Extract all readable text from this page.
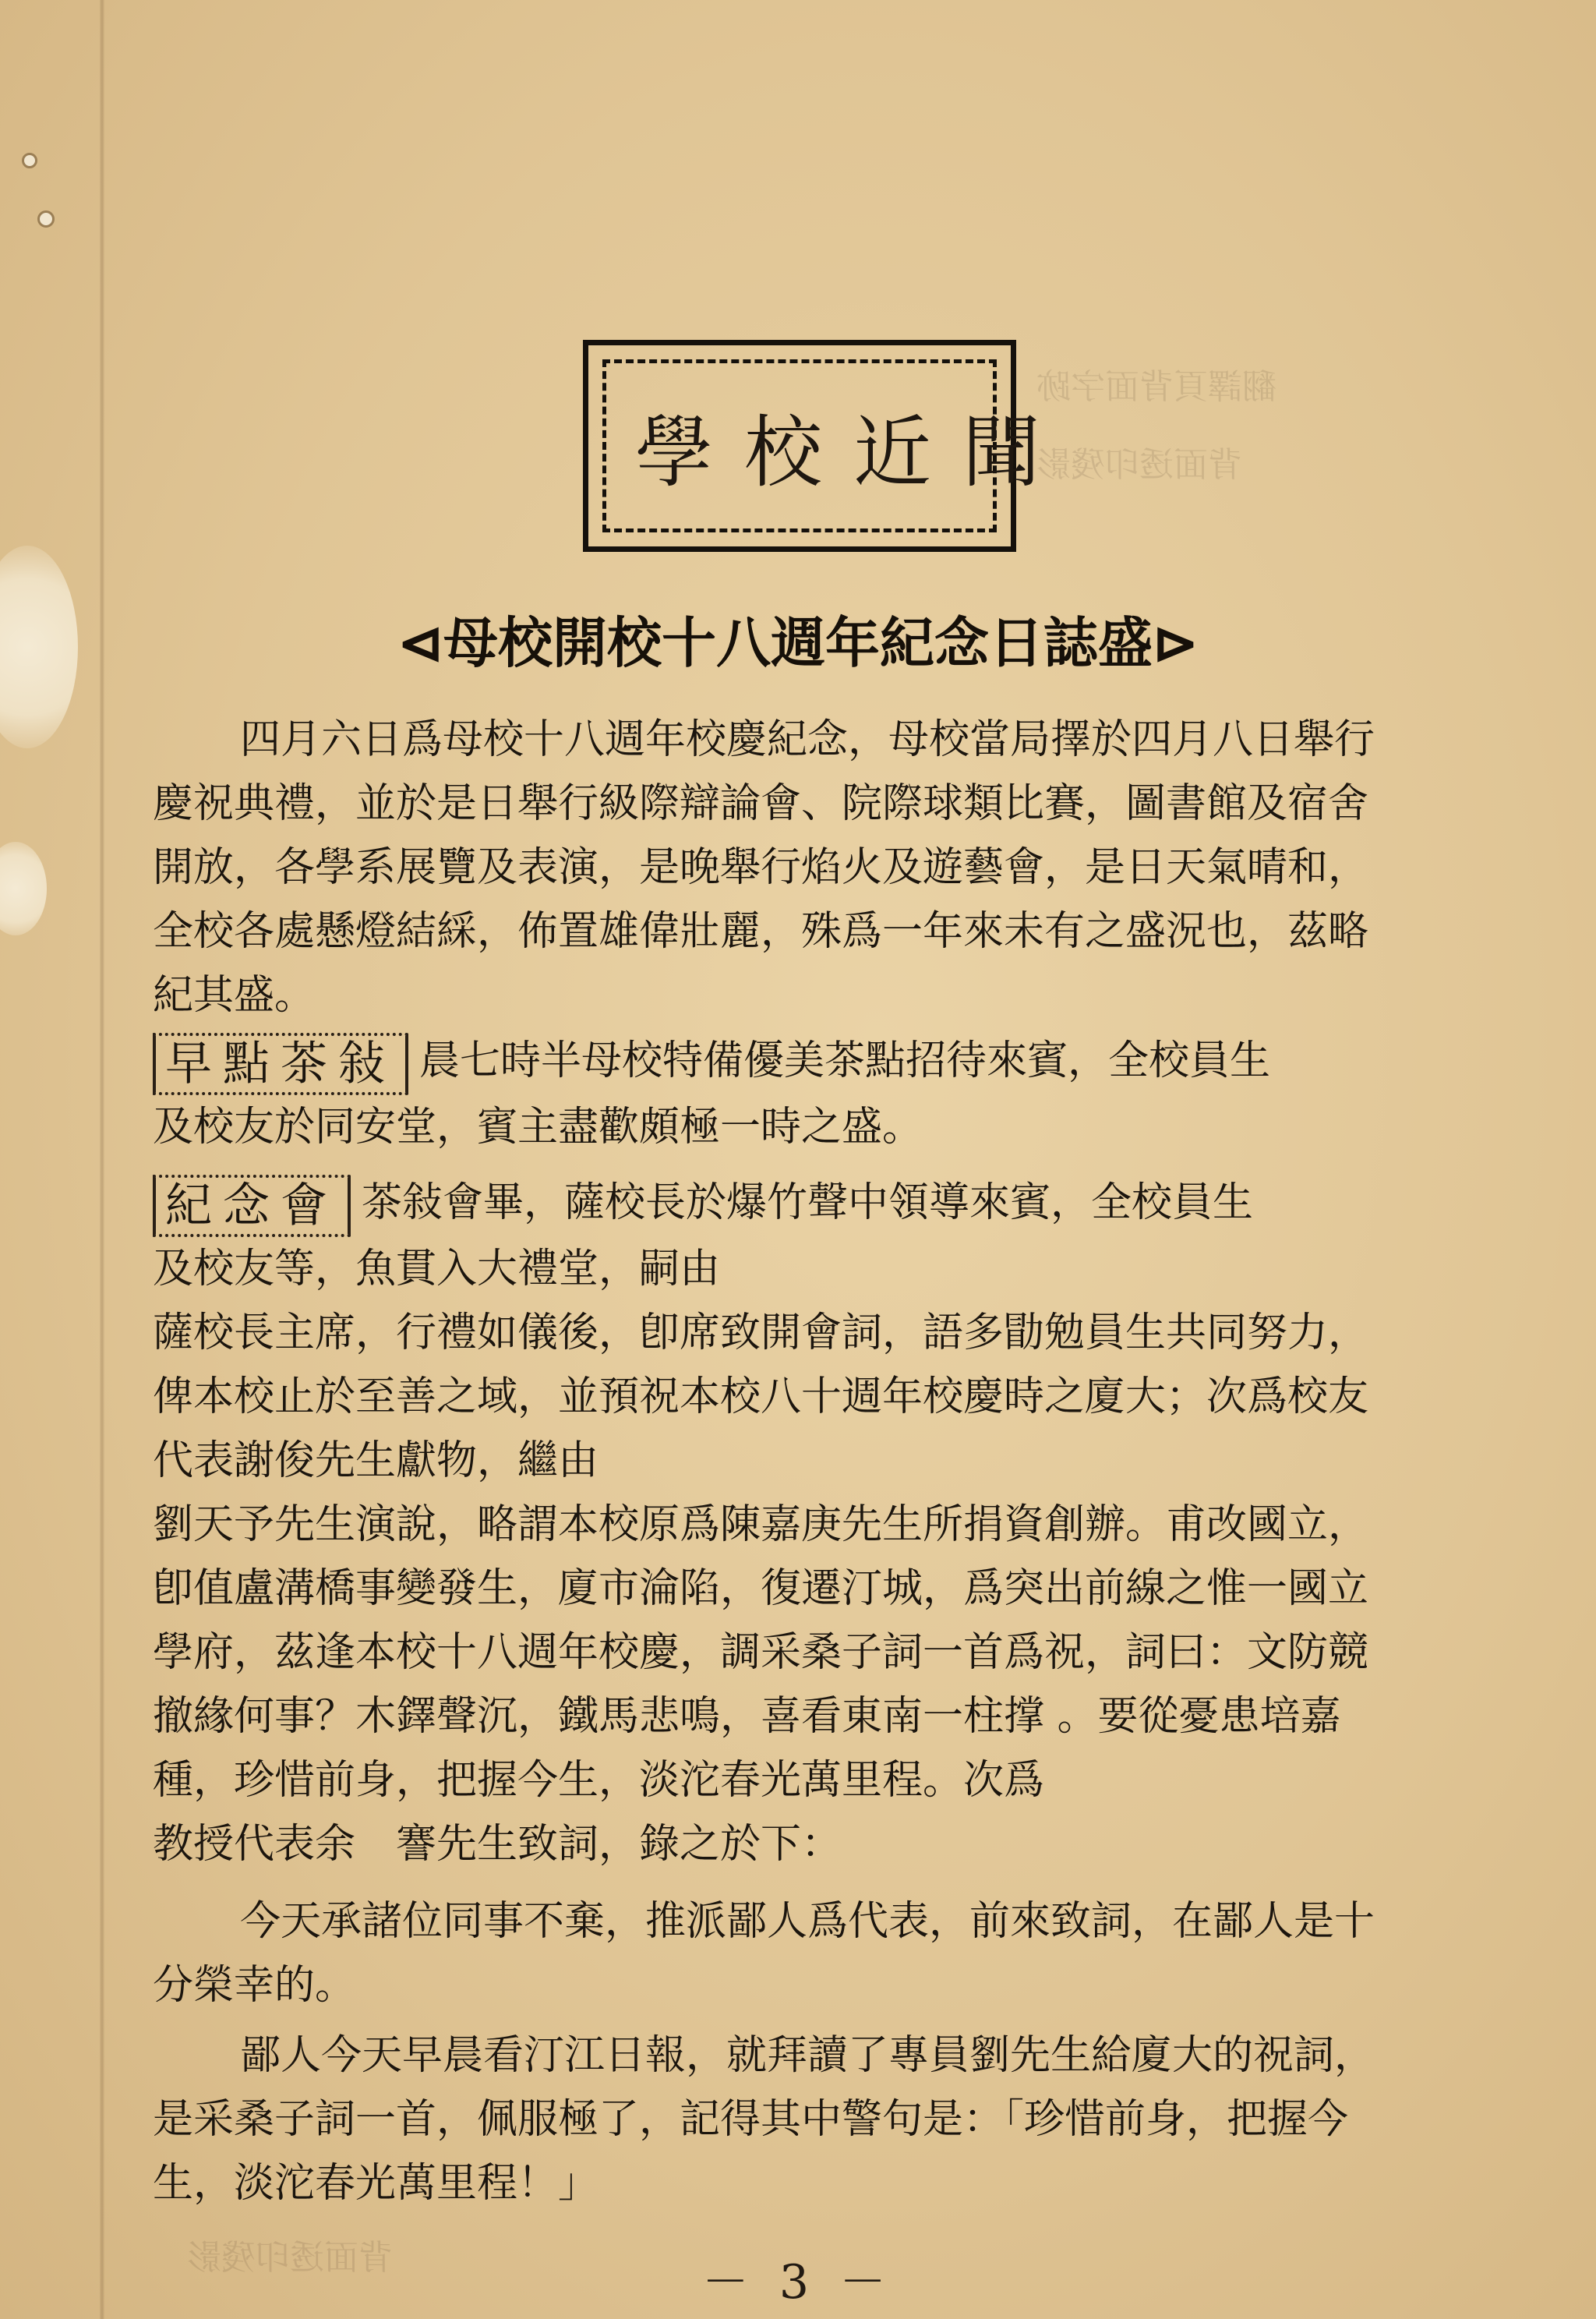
翻譯頁背面字跡
背面透印殘影
背面透印殘影
學校近聞
⊲母校開校十八週年紀念日誌盛⊳
四月六日爲母校十八週年校慶紀念，母校當局擇於四月八日舉行
慶祝典禮，並於是日舉行級際辯論會、院際球類比賽，圖書館及宿舍
開放，各學系展覽及表演，是晚舉行焰火及遊藝會，是日天氣晴和，
全校各處懸燈結綵，佈置雄偉壯麗，殊爲一年來未有之盛況也，茲略
紀其盛。
早點茶敍 晨七時半母校特備優美茶點招待來賓，全校員生
及校友於同安堂，賓主盡歡頗極一時之盛。
紀念會 茶敍會畢，薩校長於爆竹聲中領導來賓，全校員生
及校友等，魚貫入大禮堂，嗣由
薩校長主席，行禮如儀後，卽席致開會詞，語多勖勉員生共同努力，
俾本校止於至善之域，並預祝本校八十週年校慶時之廈大；次爲校友
代表謝俊先生獻物，繼由
劉天予先生演說，略謂本校原爲陳嘉庚先生所捐資創辦。甫改國立，
卽值盧溝橋事變發生，廈市淪陷，復遷汀城，爲突出前線之惟一國立
學府，茲逢本校十八週年校慶，調采桑子詞一首爲祝，詞曰：文防競
撤緣何事？木鐸聲沉，鐵馬悲鳴，喜看東南一柱撑 。要從憂患培嘉
種，珍惜前身，把握今生，淡沱春光萬里程。次爲
教授代表余　謇先生致詞，錄之於下：
今天承諸位同事不棄，推派鄙人爲代表，前來致詞，在鄙人是十
分榮幸的。
鄙人今天早晨看汀江日報，就拜讀了專員劉先生給廈大的祝詞，
是采桑子詞一首，佩服極了，記得其中警句是：「珍惜前身，把握今
生，淡沱春光萬里程！」
－ 3 －
